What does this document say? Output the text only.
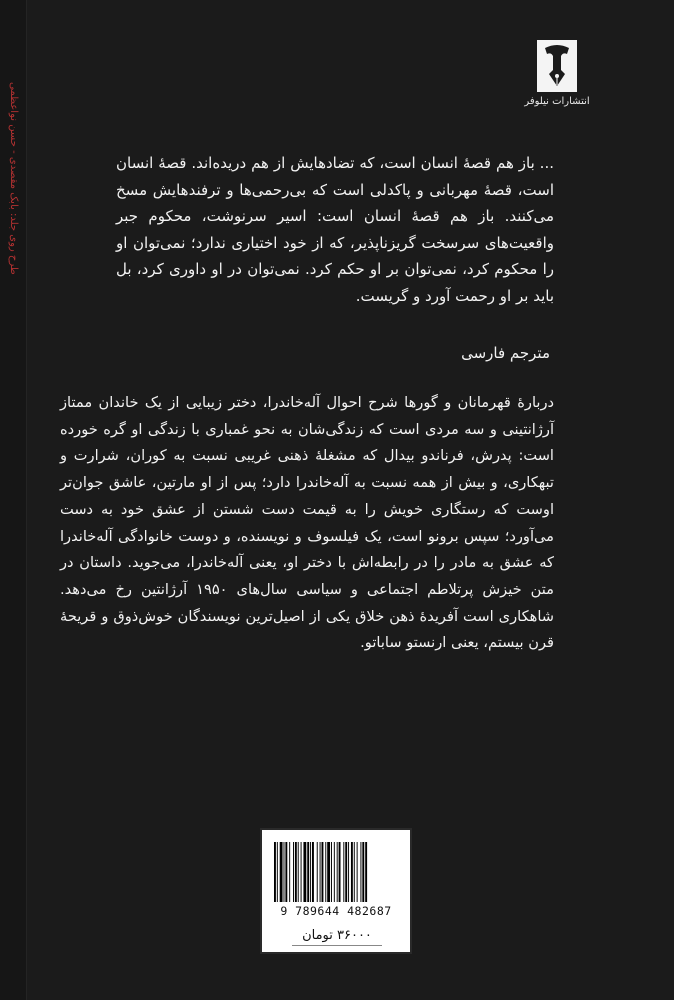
طرح روی جلد: بابک مقصدی - حسن نواعظمی	انتشارات نیلوفر

... باز هم قصهٔ انسان است، که تضادهایش از هم دریده‌اند. قصهٔ انسان است، قصهٔ مهربانی و پاکدلی است که بی‌رحمی‌ها و ترفندهایش مسخ می‌کنند. باز هم قصهٔ انسان است: اسیر سرنوشت، محکوم جبر واقعیت‌های سرسخت گریزناپذیر، که از خود اختیاری ندارد؛ نمی‌توان او را محکوم کرد، نمی‌توان بر او حکم کرد. نمی‌توان در او داوری کرد، بل باید بر او رحمت آورد و گریست.

مترجم فارسی

دربارهٔ قهرمانان و گورها شرح احوال آله‌خاندرا، دختر زیبایی از یک خاندان ممتاز آرژانتینی و سه مردی است که زندگی‌شان به نحو غمباری با زندگی او گره خورده است: پدرش، فرناندو بیدال که مشغلهٔ ذهنی غریبی نسبت به کوران، شرارت و تبهکاری، و بیش از همه نسبت به آله‌خاندرا دارد؛ پس از او مارتین، عاشق جوان‌تر اوست که رستگاری خویش را به قیمت دست شستن از عشق خود به دست می‌آورد؛ سپس برونو است، یک فیلسوف و نویسنده، و دوست خانوادگی آله‌خاندرا که عشق به مادر را در رابطه‌اش با دختر او، یعنی آله‌خاندرا، می‌جوید. داستان در متن خیزش پرتلاطم اجتماعی و سیاسی سال‌های ۱۹۵۰ آرژانتین رخ می‌دهد. شاهکاری است آفریدهٔ ذهن خلاق یکی از اصیل‌ترین نویسندگان خوش‌ذوق و قریحهٔ قرن بیستم، یعنی ارنستو ساباتو.

9 789644 482687
۳۶۰۰۰ تومان
